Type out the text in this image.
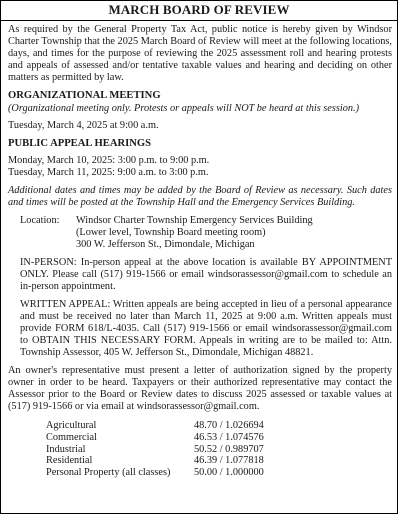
MARCH BOARD OF REVIEW

As required by the General Property Tax Act, public notice is hereby given by Windsor Charter Township that the 2025 March Board of Review will meet at the following locations, days, and times for the purpose of reviewing the 2025 assessment roll and hearing protests and appeals of assessed and/or tentative taxable values and hearing and deciding on other matters as permitted by law.

ORGANIZATIONAL MEETING

(Organizational meeting only. Protests or appeals will NOT be heard at this session.)

Tuesday, March 4, 2025 at 9:00 a.m.

PUBLIC APPEAL HEARINGS

Monday, March 10, 2025: 3:00 p.m. to 9:00 p.m.

Tuesday, March 11, 2025: 9:00 a.m. to 3:00 p.m.

Additional dates and times may be added by the Board of Review as necessary. Such dates and times will be posted at the Township Hall and the Emergency Services Building.

Location:	Windsor Charter Township Emergency Services Building
(Lower level, Township Board meeting room)
300 W. Jefferson St., Dimondale, Michigan

IN-PERSON: In-person appeal at the above location is available BY APPOINTMENT ONLY. Please call (517) 919-1566 or email windsorassessor@gmail.com to schedule an in-person appointment.

WRITTEN APPEAL: Written appeals are being accepted in lieu of a personal appearance and must be received no later than March 11, 2025 at 9:00 a.m. Written appeals must provide FORM 618/L-4035. Call (517) 919-1566 or email windsorassessor@gmail.com to OBTAIN THIS NECESSARY FORM. Appeals in writing are to be mailed to: Attn. Township Assessor, 405 W. Jefferson St., Dimondale, Michigan 48821.

An owner's representative must present a letter of authorization signed by the property owner in order to be heard. Taxpayers or their authorized representative may contact the Assessor prior to the Board or Review dates to discuss 2025 assessed or taxable values at (517) 919-1566 or via email at windsorassessor@gmail.com.

Agricultural	48.70 / 1.026694
Commercial	46.53 / 1.074576
Industrial	50.52 / 0.989707
Residential	46.39 / 1.077818
Personal Property (all classes)	50.00 / 1.000000
